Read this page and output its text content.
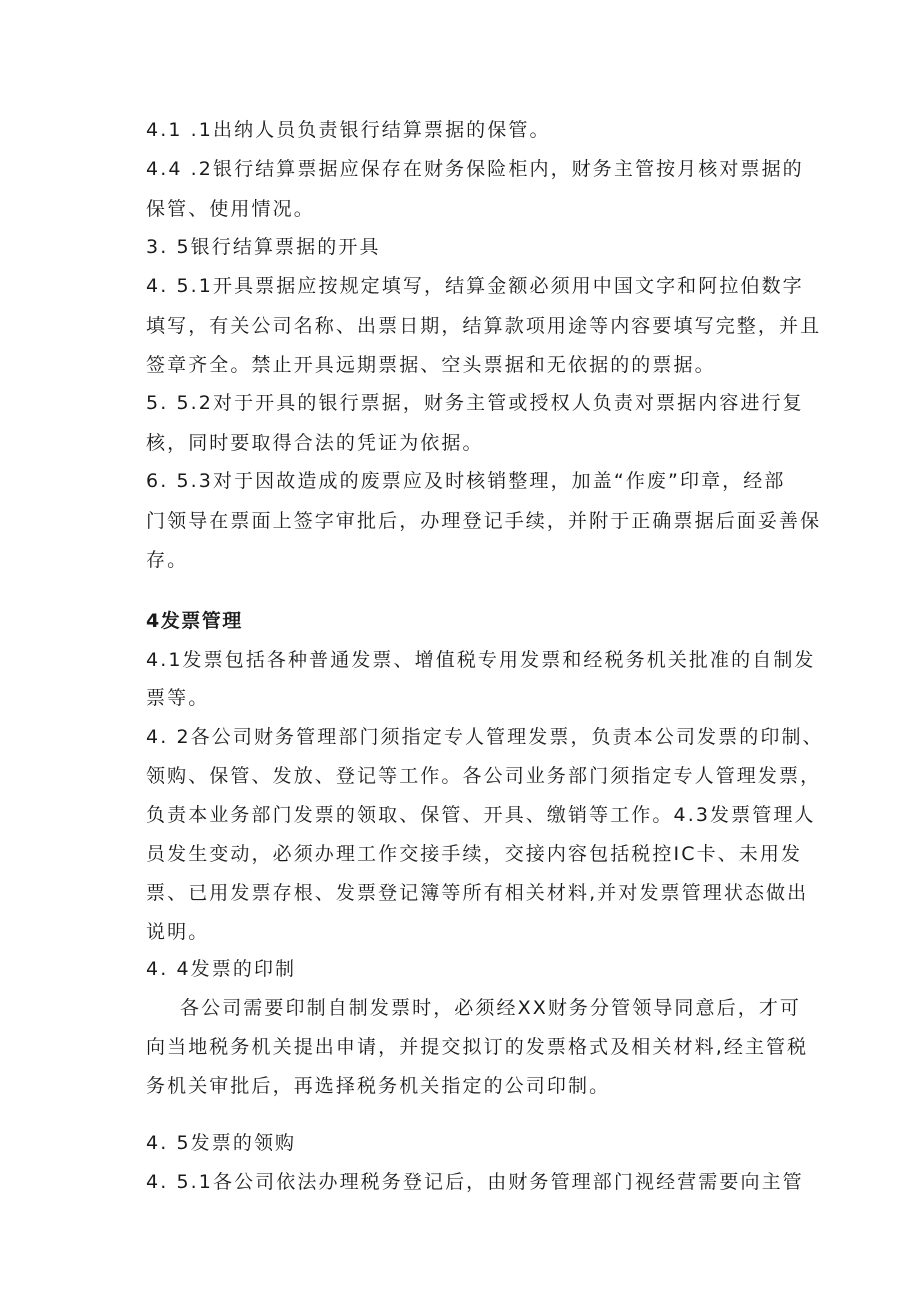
4.1 .1出纳人员负责银行结算票据的保管。
4.4 .2银行结算票据应保存在财务保险柜内，财务主管按月核对票据的
保管、使用情况。
3. 5银行结算票据的开具
4. 5.1开具票据应按规定填写，结算金额必须用中国文字和阿拉伯数字
填写，有关公司名称、出票日期，结算款项用途等内容要填写完整，并且
签章齐全。禁止开具远期票据、空头票据和无依据的的票据。
5. 5.2对于开具的银行票据，财务主管或授权人负责对票据内容进行复
核，同时要取得合法的凭证为依据。
6. 5.3对于因故造成的废票应及时核销整理，加盖“作废”印章，经部
门领导在票面上签字审批后，办理登记手续，并附于正确票据后面妥善保
存。
4发票管理
4.1发票包括各种普通发票、增值税专用发票和经税务机关批准的自制发
票等。
4. 2各公司财务管理部门须指定专人管理发票，负责本公司发票的印制、
领购、保管、发放、登记等工作。各公司业务部门须指定专人管理发票，
负责本业务部门发票的领取、保管、开具、缴销等工作。4.3发票管理人
员发生变动，必须办理工作交接手续，交接内容包括税控IC卡、未用发
票、已用发票存根、发票登记簿等所有相关材料,并对发票管理状态做出
说明。
4. 4发票的印制
各公司需要印制自制发票时，必须经XX财务分管领导同意后，才可
向当地税务机关提出申请，并提交拟订的发票格式及相关材料,经主管税
务机关审批后，再选择税务机关指定的公司印制。
4. 5发票的领购
4. 5.1各公司依法办理税务登记后，由财务管理部门视经营需要向主管
